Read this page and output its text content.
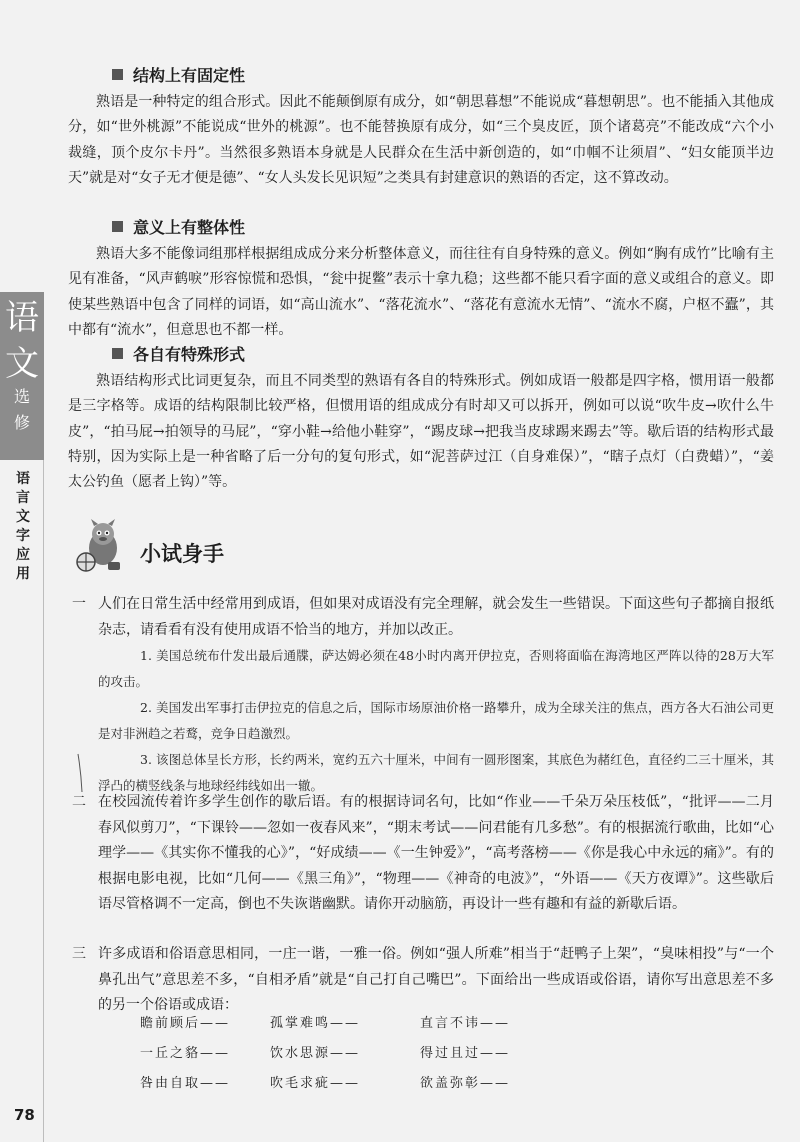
语
文
选
修
语言文字应用
结构上有固定性
熟语是一种特定的组合形式。因此不能颠倒原有成分，如“朝思暮想”不能说成“暮想朝思”。也不能插入其他成分，如“世外桃源”不能说成“世外的桃源”。也不能替换原有成分，如“三个臭皮匠，顶个诸葛亮”不能改成“六个小裁缝，顶个皮尔卡丹”。当然很多熟语本身就是人民群众在生活中新创造的，如“巾帼不让须眉”、“妇女能顶半边天”就是对“女子无才便是德”、“女人头发长见识短”之类具有封建意识的熟语的否定，这不算改动。
意义上有整体性
熟语大多不能像词组那样根据组成成分来分析整体意义，而往往有自身特殊的意义。例如“胸有成竹”比喻有主见有准备，“风声鹤唳”形容惊慌和恐惧，“瓮中捉鳖”表示十拿九稳；这些都不能只看字面的意义或组合的意义。即使某些熟语中包含了同样的词语，如“高山流水”、“落花流水”、“落花有意流水无情”、“流水不腐，户枢不蠹”，其中都有“流水”，但意思也不都一样。
各自有特殊形式
熟语结构形式比词更复杂，而且不同类型的熟语有各自的特殊形式。例如成语一般都是四字格，惯用语一般都是三字格等。成语的结构限制比较严格，但惯用语的组成成分有时却又可以拆开，例如可以说“吹牛皮→吹什么牛皮”，“拍马屁→拍领导的马屁”，“穿小鞋→给他小鞋穿”，“踢皮球→把我当皮球踢来踢去”等。歇后语的结构形式最特别，因为实际上是一种省略了后一分句的复句形式，如“泥菩萨过江（自身难保）”，“瞎子点灯（白费蜡）”，“姜太公钓鱼（愿者上钩）”等。
小试身手
一 人们在日常生活中经常用到成语，但如果对成语没有完全理解，就会发生一些错误。下面这些句子都摘自报纸杂志，请看看有没有使用成语不恰当的地方，并加以改正。
1. 美国总统布什发出最后通牒，萨达姆必须在48小时内离开伊拉克，否则将面临在海湾地区严阵以待的28万大军的攻击。
2. 美国发出军事打击伊拉克的信息之后，国际市场原油价格一路攀升，成为全球关注的焦点，西方各大石油公司更是对非洲趋之若鹜，竞争日趋激烈。
3. 该图总体呈长方形，长约两米，宽约五六十厘米，中间有一圆形图案，其底色为赭红色，直径约二三十厘米，其浮凸的横竖线条与地球经纬线如出一辙。
二 在校园流传着许多学生创作的歇后语。有的根据诗词名句，比如“作业——千朵万朵压枝低”，“批评——二月春风似剪刀”，“下课铃——忽如一夜春风来”，“期末考试——问君能有几多愁”。有的根据流行歌曲，比如“心理学——《其实你不懂我的心》”，“好成绩——《一生钟爱》”，“高考落榜——《你是我心中永远的痛》”。有的根据电影电视，比如“几何——《黑三角》”，“物理——《神奇的电波》”，“外语——《天方夜谭》”。这些歇后语尽管格调不一定高，倒也不失诙谐幽默。请你开动脑筋，再设计一些有趣和有益的新歇后语。
三 许多成语和俗语意思相同，一庄一谐，一雅一俗。例如“强人所难”相当于“赶鸭子上架”，“臭味相投”与“一个鼻孔出气”意思差不多，“自相矛盾”就是“自己打自己嘴巴”。下面给出一些成语或俗语，请你写出意思差不多的另一个俗语或成语：
瞻前顾后——	孤掌难鸣——	直言不讳——
一丘之貉——	饮水思源——	得过且过——
咎由自取——	吹毛求疵——	欲盖弥彰——
78
